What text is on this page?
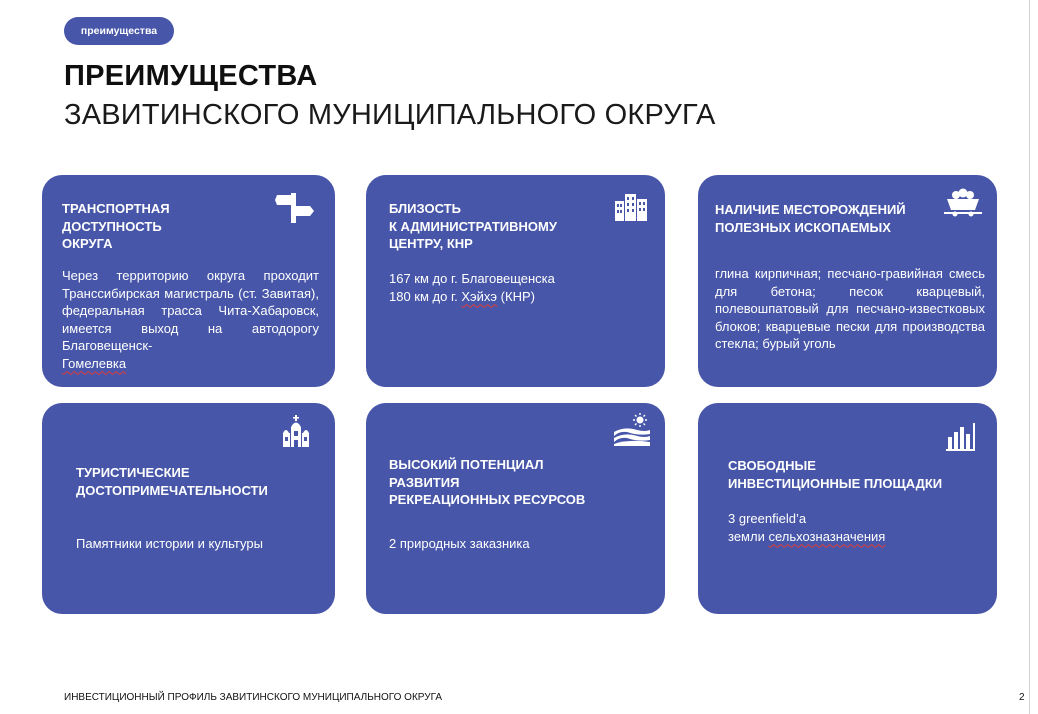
преимущества
ПРЕИМУЩЕСТВА
ЗАВИТИНСКОГО МУНИЦИПАЛЬНОГО ОКРУГА
ТРАНСПОРТНАЯ
ДОСТУПНОСТЬ
ОКРУГА
Через территорию округа проходит Транссибирская магистраль (ст. Завитая), федеральная трасса Чита-Хабаровск, имеется выход на автодорогу Благовещенск-
Гомелевка
БЛИЗОСТЬ
К АДМИНИСТРАТИВНОМУ
ЦЕНТРУ, КНР
167 км до г. Благовещенска
180 км до г. Хэйхэ (КНР)
НАЛИЧИЕ МЕСТОРОЖДЕНИЙ
ПОЛЕЗНЫХ ИСКОПАЕМЫХ
глина кирпичная; песчано-гравийная смесь для бетона; песок кварцевый, полевошпатовый для песчано-известковых блоков; кварцевые пески для производства стекла; бурый уголь
ТУРИСТИЧЕСКИЕ
ДОСТОПРИМЕЧАТЕЛЬНОСТИ
Памятники истории и культуры
ВЫСОКИЙ ПОТЕНЦИАЛ
РАЗВИТИЯ
РЕКРЕАЦИОННЫХ РЕСУРСОВ
2 природных заказника
СВОБОДНЫЕ
ИНВЕСТИЦИОННЫЕ ПЛОЩАДКИ
3 greenfield’а
земли сельхозназначения
ИНВЕСТИЦИОННЫЙ ПРОФИЛЬ ЗАВИТИНСКОГО МУНИЦИПАЛЬНОГО ОКРУГА	2
